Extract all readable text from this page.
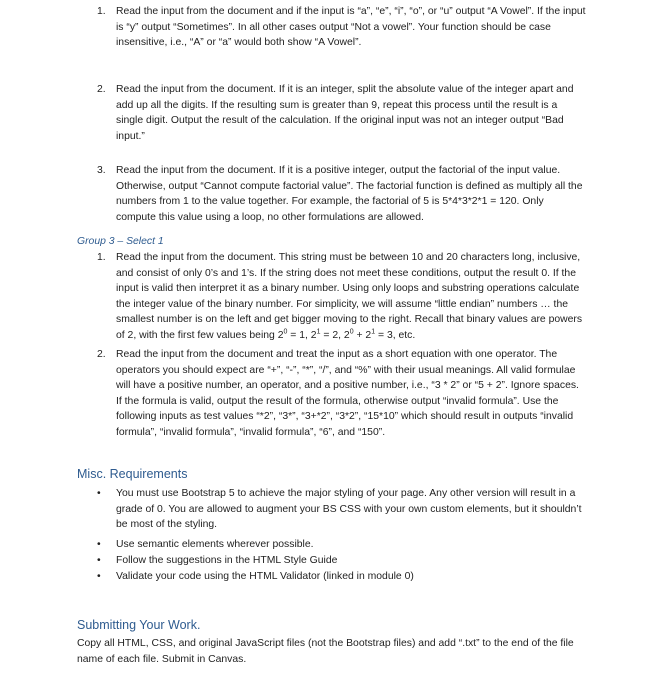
1. Read the input from the document and if the input is “a”, “e”, “i”, “o”, or “u” output “A Vowel”. If the input is “y” output “Sometimes”. In all other cases output “Not a vowel”. Your function should be case insensitive, i.e., “A” or “a” would both show “A Vowel”.
2. Read the input from the document. If it is an integer, split the absolute value of the integer apart and add up all the digits. If the resulting sum is greater than 9, repeat this process until the result is a single digit. Output the result of the calculation. If the original input was not an integer output “Bad input.”
3. Read the input from the document. If it is a positive integer, output the factorial of the input value. Otherwise, output “Cannot compute factorial value”. The factorial function is defined as multiply all the numbers from 1 to the value together. For example, the factorial of 5 is 5*4*3*2*1 = 120. Only compute this value using a loop, no other formulations are allowed.
Group 3 – Select 1
1. Read the input from the document. This string must be between 10 and 20 characters long, inclusive, and consist of only 0’s and 1’s. If the string does not meet these conditions, output the result 0. If the input is valid then interpret it as a binary number. Using only loops and substring operations calculate the integer value of the binary number. For simplicity, we will assume “little endian” numbers … the smallest number is on the left and get bigger moving to the right. Recall that binary values are powers of 2, with the first few values being $2^0 = 1$, $2^1 = 2$, $2^0 + 2^1 = 3$, etc.
2. Read the input from the document and treat the input as a short equation with one operator. The operators you should expect are “+”, “-”, “*”, “/”, and “%” with their usual meanings. All valid formulae will have a positive number, an operator, and a positive number, i.e., “3 * 2” or “5 + 2”. Ignore spaces. If the formula is valid, output the result of the formula, otherwise output “invalid formula”. Use the following inputs as test values “*2”, “3*”, “3+*2”, “3*2”, “15*10” which should result in outputs “invalid formula”, “invalid formula”, “invalid formula”, “6”, and “150”.
Misc. Requirements
• You must use Bootstrap 5 to achieve the major styling of your page. Any other version will result in a grade of 0. You are allowed to augment your BS CSS with your own custom elements, but it shouldn’t be most of the styling.
• Use semantic elements wherever possible.
• Follow the suggestions in the HTML Style Guide
• Validate your code using the HTML Validator (linked in module 0)
Submitting Your Work.
Copy all HTML, CSS, and original JavaScript files (not the Bootstrap files) and add “.txt” to the end of the file name of each file. Submit in Canvas.
